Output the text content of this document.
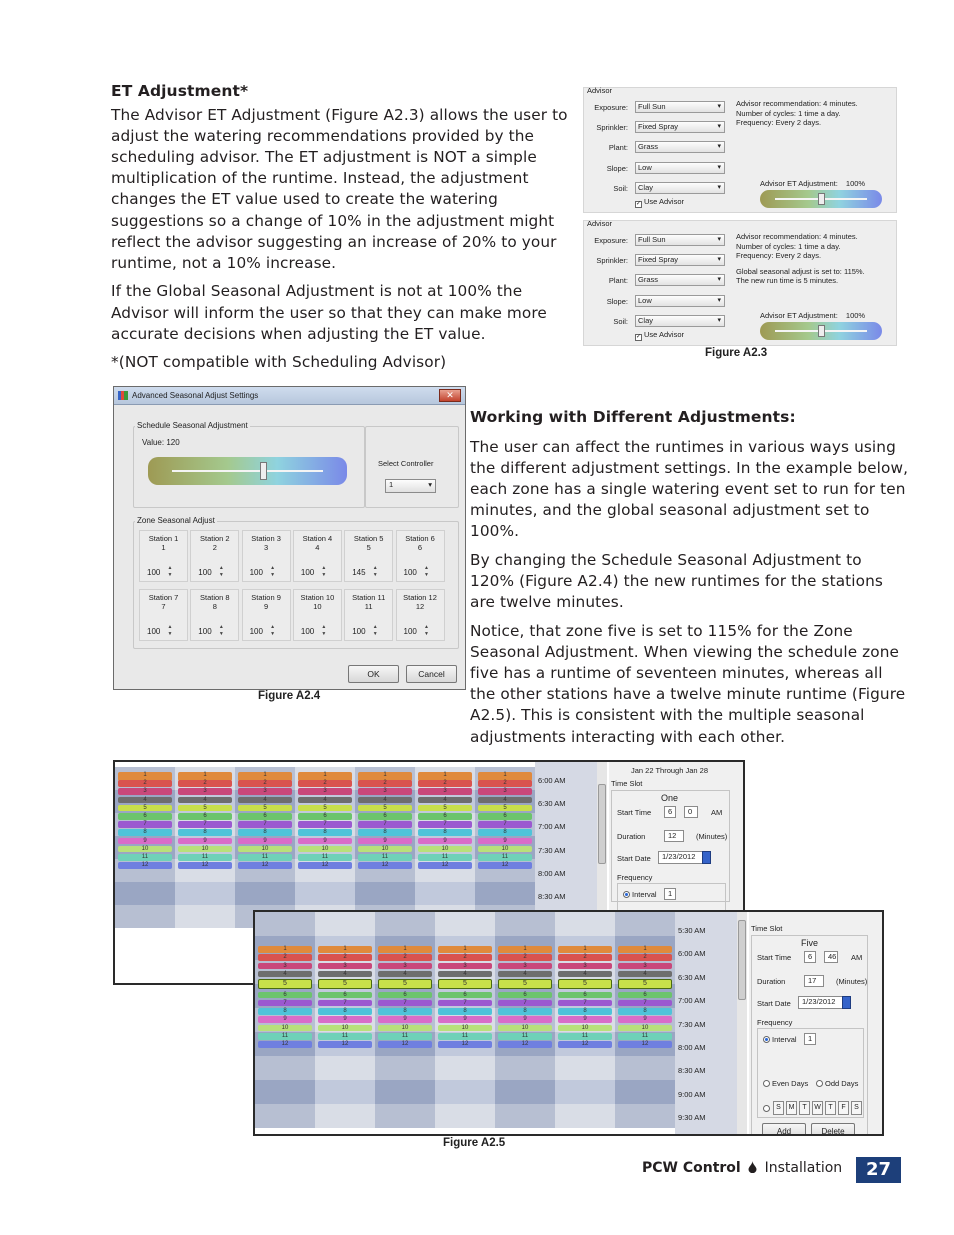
ET Adjustment*
The Advisor ET Adjustment (Figure A2.3) allows the user to adjust the watering recommendations provided by the scheduling advisor. The ET adjustment is NOT a simple multiplication of the runtime. Instead, the adjustment changes the ET value used to create the watering suggestions so a change of 10% in the adjustment might reflect the advisor suggesting an increase of 20% to your runtime, not a 10% increase.
If the Global Seasonal Adjustment is not at 100% the Advisor will inform the user so that they can make more accurate decisions when adjusting the ET value.
*(NOT compatible with Scheduling Advisor)
Advisor
Exposure:	Full Sun ▾
Sprinkler:	Fixed Spray ▾
Plant:	Grass ▾
Slope:	Low ▾
Soil:	Clay ▾
✓ Use Advisor
Advisor recommendation: 4 minutes.
Number of cycles: 1 time a day.
Frequency: Every 2 days.
Advisor ET Adjustment: 100%
Advisor
Exposure:	Full Sun ▾
Sprinkler:	Fixed Spray ▾
Plant:	Grass ▾
Slope:	Low ▾
Soil:	Clay ▾
✓ Use Advisor
Advisor recommendation: 4 minutes.
Number of cycles: 1 time a day.
Frequency: Every 2 days.
Global seasonal adjust is set to: 115%.
The new run time is 5 minutes.
Advisor ET Adjustment: 100%
Figure A2.3
Advanced Seasonal Adjust Settings	✕
Schedule Seasonal Adjustment
Value: 120
Select Controller
1	▾
Zone Seasonal Adjust
Station 1
1
100	▲
▼
Station 2
2
100	▲
▼
Station 3
3
100	▲
▼
Station 4
4
100	▲
▼
Station 5
5
145	▲
▼
Station 6
6
100	▲
▼
Station 7
7
100	▲
▼
Station 8
8
100	▲
▼
Station 9
9
100	▲
▼
Station 10
10
100	▲
▼
Station 11
11
100	▲
▼
Station 12
12
100	▲
▼
OK	Cancel
Figure A2.4
Working with Different Adjustments:
The user can affect the runtimes in various ways using the different adjustment settings. In the example below, each zone has a single watering event set to run for ten minutes, and the global seasonal adjustment set to 100%.
By changing the Schedule Seasonal Adjustment to 120% (Figure A2.4) the new runtimes for the stations are twelve minutes.
Notice, that zone five is set to 115% for the Zone Seasonal Adjustment. When viewing the schedule zone five has a runtime of seventeen minutes, whereas all the other stations have a twelve minute runtime (Figure A2.5). This is consistent with the multiple seasonal adjustments interacting with each other.
1
2
3
4
5
6
7
8
9
10
11
12
1
2
3
4
5
6
7
8
9
10
11
12
1
2
3
4
5
6
7
8
9
10
11
12
1
2
3
4
5
6
7
8
9
10
11
12
1
2
3
4
5
6
7
8
9
10
11
12
1
2
3
4
5
6
7
8
9
10
11
12
1
2
3
4
5
6
7
8
9
10
11
12
6:00 AM
6:30 AM
7:00 AM
7:30 AM
8:00 AM
8:30 AM
Jan 22 Through Jan 28
Time Slot
One
Start Time	6	0	AM
Duration	12	(Minutes)
Start Date	1/23/2012
Frequency
Interval	1
1
2
3
4
5
6
7
8
9
10
11
12
1
2
3
4
5
6
7
8
9
10
11
12
1
2
3
4
5
6
7
8
9
10
11
12
1
2
3
4
5
6
7
8
9
10
11
12
1
2
3
4
5
6
7
8
9
10
11
12
1
2
3
4
5
6
7
8
9
10
11
12
1
2
3
4
5
6
7
8
9
10
11
12
5:30 AM
6:00 AM
6:30 AM
7:00 AM
7:30 AM
8:00 AM
8:30 AM
9:00 AM
9:30 AM
Time Slot
Five
Start Time	6	46 AM
Duration	17	(Minutes)
Start Date	1/23/2012
Frequency
Interval	1
Even Days	Odd Days
S	M	T	W	T	F	S
Add	Delete
Figure A2.5
PCW Control Installation	27
